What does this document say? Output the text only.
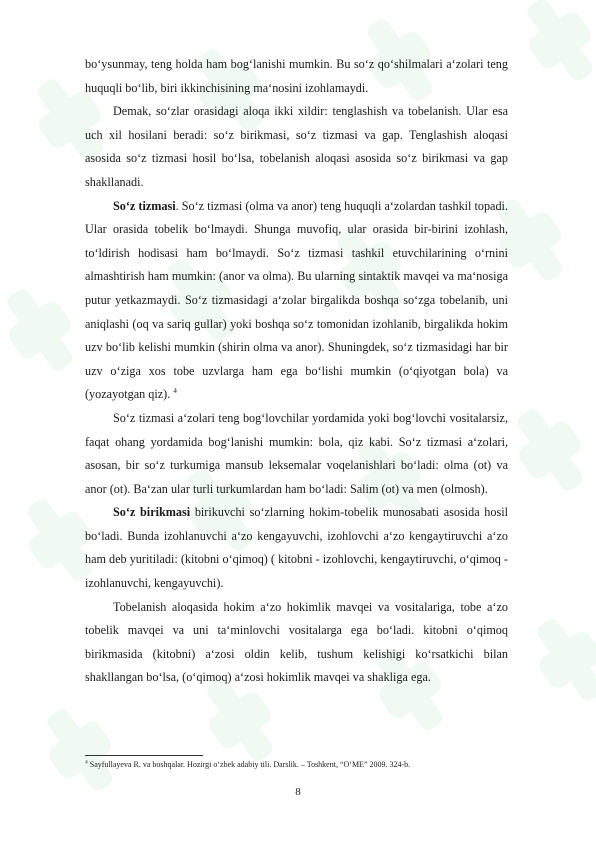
bo‘ysunmay, teng holda ham bog‘lanishi mumkin. Bu so‘z qo‘shilmalari a‘zolari teng huquqli bo‘lib, biri ikkinchisining ma‘nosini izohlamaydi.

Demak, so‘zlar orasidagi aloqa ikki xildir: tenglashish va tobelanish. Ular esa uch xil hosilani beradi: so‘z birikmasi, so‘z tizmasi va gap. Tenglashish aloqasi asosida so‘z tizmasi hosil bo‘lsa, tobelanish aloqasi asosida so‘z birikmasi va gap shakllanadi.

So‘z tizmasi. So‘z tizmasi (olma va anor) teng huquqli a‘zolardan tashkil topadi. Ular orasida tobelik bo‘lmaydi. Shunga muvofiq, ular orasida bir-birini izohlash, to‘ldirish hodisasi ham bo‘lmaydi. So‘z tizmasi tashkil etuvchilarining o‘rnini almashtirish ham mumkin: (anor va olma). Bu ularning sintaktik mavqei va ma‘nosiga putur yetkazmaydi. So‘z tizmasidagi a‘zolar birgalikda boshqa so‘zga tobelanib, uni aniqlashi (oq va sariq gullar) yoki boshqa so‘z tomonidan izohlanib, birgalikda hokim uzv bo‘lib kelishi mumkin (shirin olma va anor). Shuningdek, so‘z tizmasidagi har bir uzv o‘ziga xos tobe uzvlarga ham ega bo‘lishi mumkin (o‘qiyotgan bola) va (yozayotgan qiz). $^4$

So‘z tizmasi a‘zolari teng bog‘lovchilar yordamida yoki bog‘lovchi vositalarsiz, faqat ohang yordamida bog‘lanishi mumkin: bola, qiz kabi. So‘z tizmasi a‘zolari, asosan, bir so‘z turkumiga mansub leksemalar voqelanishlari bo‘ladi: olma (ot) va anor (ot). Ba‘zan ular turli turkumlardan ham bo‘ladi: Salim (ot) va men (olmosh).

So‘z birikmasi birikuvchi so‘zlarning hokim-tobelik munosabati asosida hosil bo‘ladi. Bunda izohlanuvchi a‘zo kengayuvchi, izohlovchi a‘zo kengaytiruvchi a‘zo ham deb yuritiladi: (kitobni o‘qimoq) ( kitobni - izohlovchi, kengaytiruvchi, o‘qimoq - izohlanuvchi, kengayuvchi).

Tobelanish aloqasida hokim a‘zo hokimlik mavqei va vositalariga, tobe a‘zo tobelik mavqei va uni ta‘minlovchi vositalarga ega bo‘ladi. kitobni o‘qimoq birikmasida (kitobni) a‘zosi oldin kelib, tushum kelishigi ko‘rsatkichi bilan shakllangan bo‘lsa, (o‘qimoq) a‘zosi hokimlik mavqei va shakliga ega.

$^4$ Sayfullayeva R. va boshqalar. Hozirgi o‘zbek adabiy tili. Darslik. – Toshkent, “O‘ME” 2009. 324-b.
8
